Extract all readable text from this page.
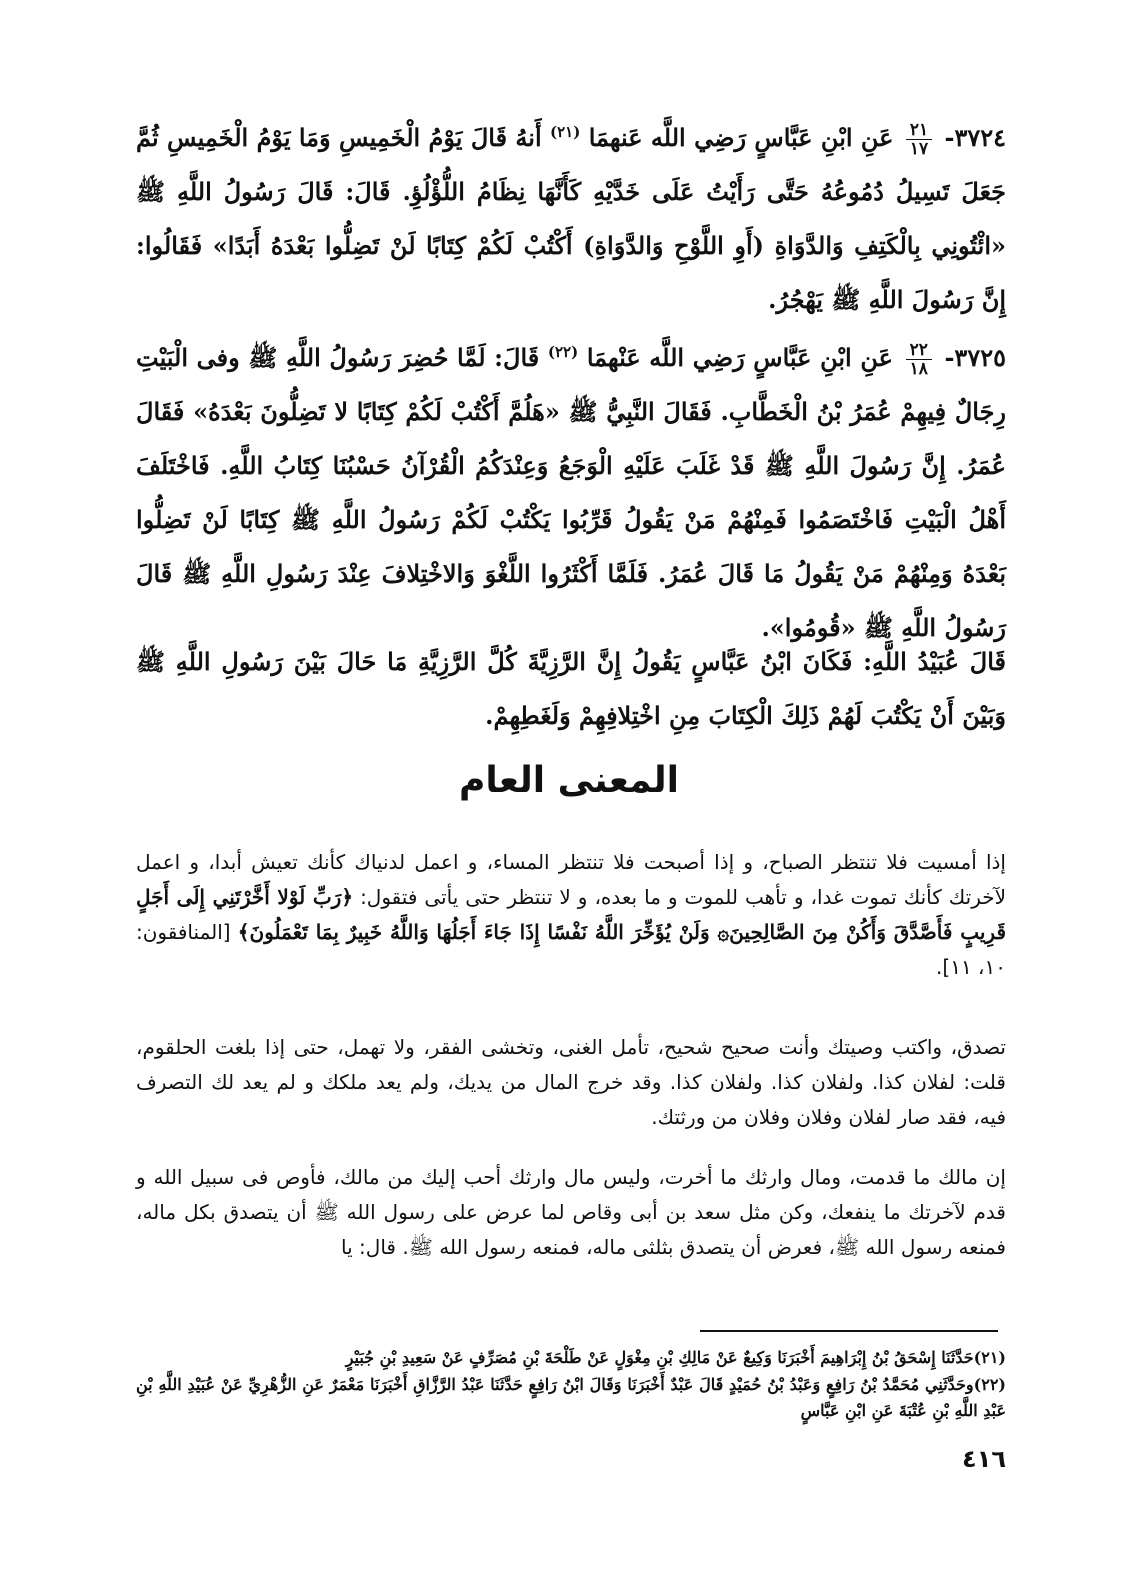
٣٧٢٤-
$\frac{٢١}{١٧}$
عَنِ ابْنِ عَبَّاسٍ رَضِي اللَّه عَنهمَا $^{(٢١)}$ أَنهُ قَالَ يَوْمُ الْخَمِيسِ وَمَا يَوْمُ الْخَمِيسِ ثُمَّ جَعَلَ تَسِيلُ دُمُوعُهُ حَتَّى رَأَيْتُ عَلَى خَدَّيْهِ كَأَنَّهَا نِظَامُ اللُّؤْلُؤِ. قَالَ: قَالَ رَسُولُ اللَّهِ ﷺ «ائْتُونِي بِالْكَتِفِ وَالدَّوَاةِ (أَوِ اللَّوْحِ وَالدَّوَاةِ) أَكْتُبْ لَكُمْ كِتَابًا لَنْ تَضِلُّوا بَعْدَهُ أَبَدًا» فَقَالُوا: إِنَّ رَسُولَ اللَّهِ ﷺ يَهْجُرُ.

٣٧٢٥-
$\frac{٢٢}{١٨}$
عَنِ ابْنِ عَبَّاسٍ رَضِي اللَّه عَنْهمَا $^{(٢٢)}$ قَالَ: لَمَّا حُضِرَ رَسُولُ اللَّهِ ﷺ وفى الْبَيْتِ رِجَالٌ فِيهِمْ عُمَرُ بْنُ الْخَطَّابِ. فَقَالَ النَّبِيُّ ﷺ «هَلُمَّ أَكْتُبْ لَكُمْ كِتَابًا لا تَضِلُّونَ بَعْدَهُ» فَقَالَ عُمَرُ. إِنَّ رَسُولَ اللَّهِ ﷺ قَدْ غَلَبَ عَلَيْهِ الْوَجَعُ وَعِنْدَكُمُ الْقُرْآنُ حَسْبُنَا كِتَابُ اللَّهِ. فَاخْتَلَفَ أَهْلُ الْبَيْتِ فَاخْتَصَمُوا فَمِنْهُمْ مَنْ يَقُولُ قَرِّبُوا يَكْتُبْ لَكُمْ رَسُولُ اللَّهِ ﷺ كِتَابًا لَنْ تَضِلُّوا بَعْدَهُ وَمِنْهُمْ مَنْ يَقُولُ مَا قَالَ عُمَرُ. فَلَمَّا أَكْثَرُوا اللَّغْوَ وَالاخْتِلافَ عِنْدَ رَسُولِ اللَّهِ ﷺ قَالَ رَسُولُ اللَّهِ ﷺ «قُومُوا».

قَالَ عُبَيْدُ اللَّهِ: فَكَانَ ابْنُ عَبَّاسٍ يَقُولُ إِنَّ الرَّزِيَّةَ كُلَّ الرَّزِيَّةِ مَا حَالَ بَيْنَ رَسُولِ اللَّهِ ﷺ وَبَيْنَ أَنْ يَكْتُبَ لَهُمْ ذَلِكَ الْكِتَابَ مِنِ اخْتِلافِهِمْ وَلَغَطِهِمْ.

المعنى العام

إذا أمسيت فلا تنتظر الصباح، و إذا أصبحت فلا تنتظر المساء، و اعمل لدنياك كأنك تعيش أبدا، و اعمل لآخرتك كأنك تموت غدا، و تأهب للموت و ما بعده، و لا تنتظر حتى يأتى فتقول: ﴿رَبِّ لَوْلا أَخَّرْتَنِي إِلَى أَجَلٍ قَرِيبٍ فَأَصَّدَّقَ وَأَكُنْ مِنَ الصَّالِحِينَ۞ وَلَنْ يُؤَخِّرَ اللَّهُ نَفْسًا إِذَا جَاءَ أَجَلُهَا وَاللَّهُ خَبِيرٌ بِمَا تَعْمَلُونَ﴾ [المنافقون: ١٠، ١١].

تصدق، واكتب وصيتك وأنت صحيح شحيح، تأمل الغنى، وتخشى الفقر، ولا تهمل، حتى إذا بلغت الحلقوم، قلت: لفلان كذا. ولفلان كذا. ولفلان كذا. وقد خرج المال من يديك، ولم يعد ملكك و لم يعد لك التصرف فيه، فقد صار لفلان وفلان وفلان من ورثتك.

إن مالك ما قدمت، ومال وارثك ما أخرت، وليس مال وارثك أحب إليك من مالك، فأوص فى سبيل الله و قدم لآخرتك ما ينفعك، وكن مثل سعد بن أبى وقاص لما عرض على رسول الله ﷺ أن يتصدق بكل ماله، فمنعه رسول الله ﷺ، فعرض أن يتصدق بثلثى ماله، فمنعه رسول الله ﷺ. قال: يا

(٢١)حَدَّثَنَا إِسْحَقُ بْنُ إِبْرَاهِيمَ أَخْبَرَنَا وَكِيعٌ عَنْ مَالِكِ بْنِ مِغْوَلٍ عَنْ طَلْحَةَ بْنِ مُصَرِّفٍ عَنْ سَعِيدِ بْنِ جُبَيْرٍ

(٢٢)وحَدَّثَنِي مُحَمَّدُ بْنُ رَافِعٍ وَعَبْدُ بْنُ حُمَيْدٍ قَالَ عَبْدٌ أَخْبَرَنَا وَقَالَ ابْنُ رَافِعٍ حَدَّثَنَا عَبْدُ الرَّزَّاقِ أَخْبَرَنَا مَعْمَرٌ عَنِ الزُّهْرِيِّ عَنْ عُبَيْدِ اللَّهِ بْنِ عَبْدِ اللَّهِ بْنِ عُتْبَةَ عَنِ ابْنِ عَبَّاسٍ

٤١٦
